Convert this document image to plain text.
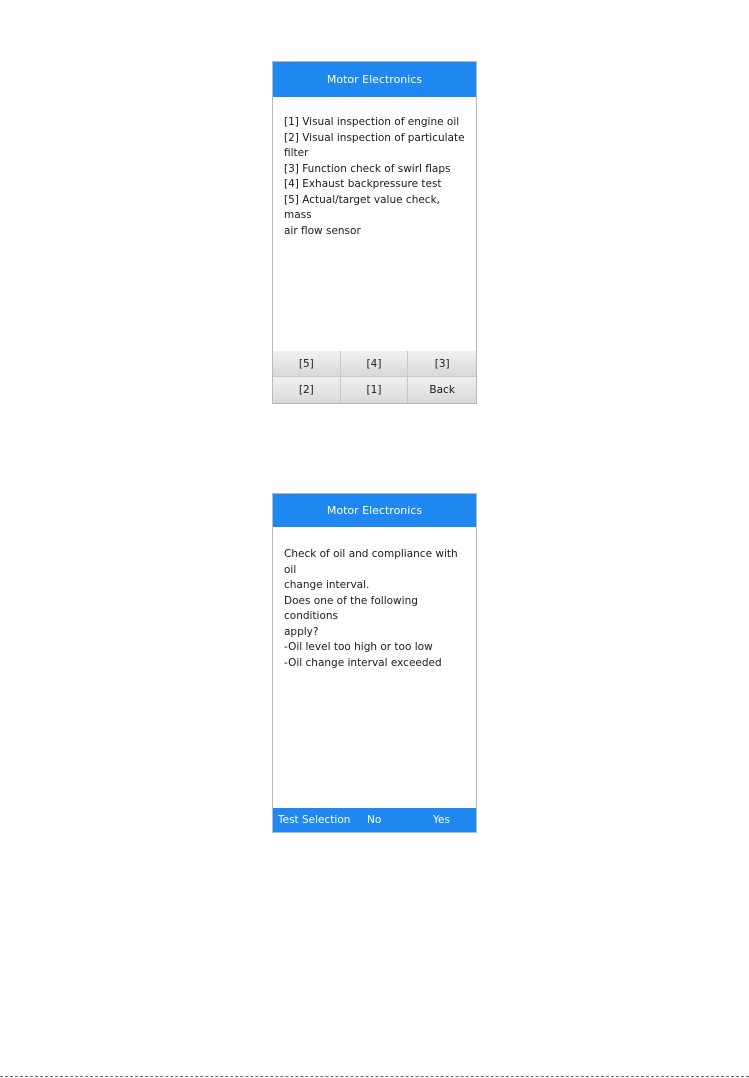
Motor Electronics
[1] Visual inspection of engine oil
[2] Visual inspection of particulate
filter
[3] Function check of swirl flaps
[4] Exhaust backpressure test
[5] Actual/target value check, mass
air flow sensor
[5]	[4]	[3]
[2]	[1]	Back
Motor Electronics
Check of oil and compliance with oil
change interval.
Does one of the following conditions
apply?
-Oil level too high or too low
-Oil change interval exceeded
Test Selection No	Yes
